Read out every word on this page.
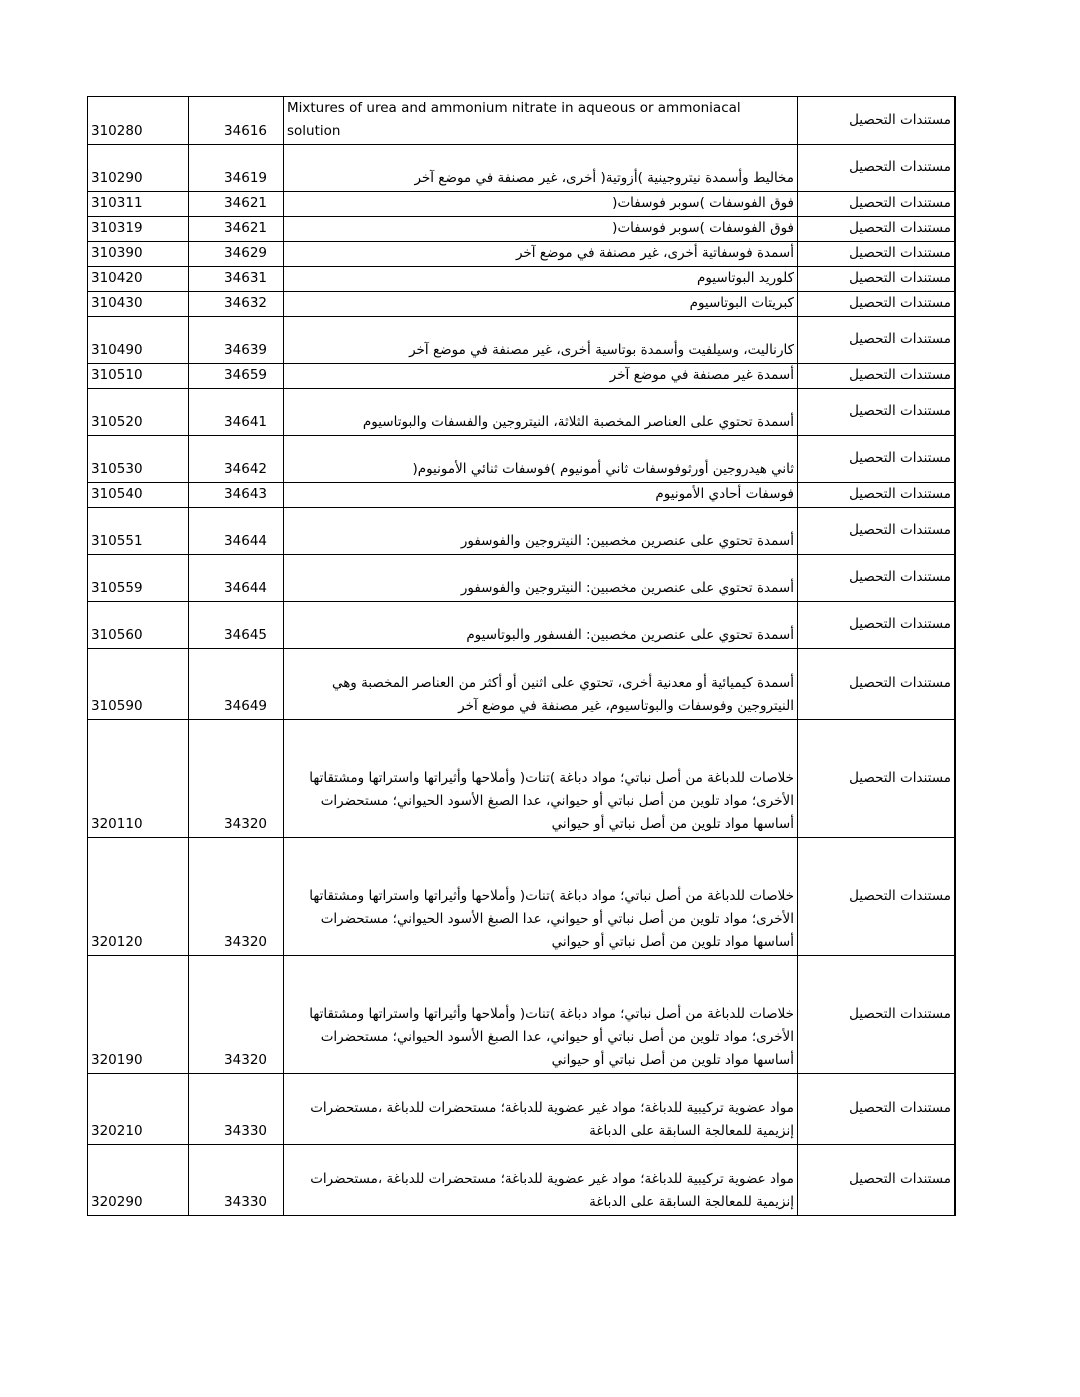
310280	34616	Mixtures of urea and ammonium nitrate in aqueous or ammoniacal solution	مستندات التحصيل
310290	34619	مخاليط وأسمدة نيتروجينية )أزوتية( أخرى، غير مصنفة في موضع آخر	مستندات التحصيل
310311	34621	فوق الفوسفات )سوبر فوسفات(	مستندات التحصيل
310319	34621	فوق الفوسفات )سوبر فوسفات(	مستندات التحصيل
310390	34629	أسمدة فوسفاتية أخرى، غير مصنفة في موضع آخر	مستندات التحصيل
310420	34631	كلوريد البوتاسيوم	مستندات التحصيل
310430	34632	كبريتات البوتاسيوم	مستندات التحصيل
310490	34639	كارناليت، وسيلفيت وأسمدة بوتاسية أخرى، غير مصنفة في موضع آخر	مستندات التحصيل
310510	34659	أسمدة غير مصنفة في موضع آخر	مستندات التحصيل
310520	34641	أسمدة تحتوي على العناصر المخصبة الثلاثة، النيتروجين والفسفات والبوتاسيوم	مستندات التحصيل
310530	34642	ثاني هيدروجين أورثوفوسفات ثاني أمونيوم )فوسفات ثنائي الأمونيوم(	مستندات التحصيل
310540	34643	فوسفات أحادي الأمونيوم	مستندات التحصيل
310551	34644	أسمدة تحتوي على عنصرين مخصبين: النيتروجين والفوسفور	مستندات التحصيل
310559	34644	أسمدة تحتوي على عنصرين مخصبين: النيتروجين والفوسفور	مستندات التحصيل
310560	34645	أسمدة تحتوي على عنصرين مخصبين: الفسفور والبوتاسيوم	مستندات التحصيل
310590	34649	أسمدة كيميائية أو معدنية أخرى، تحتوي على اثنين أو أكثر من العناصر المخصبة وهي النيتروجين وفوسفات والبوتاسيوم، غير مصنفة في موضع آخر	مستندات التحصيل
320110	34320	خلاصات للدباغة من أصل نباتي؛ مواد دباغة )تنات( وأملاحها وأثيراتها واستراتها ومشتقاتها الأخرى؛ مواد تلوين من أصل نباتي أو حيواني، عدا الصبغ الأسود الحيواني؛ مستحضرات أساسها مواد تلوين من أصل نباتي أو حيواني	مستندات التحصيل
320120	34320	خلاصات للدباغة من أصل نباتي؛ مواد دباغة )تنات( وأملاحها وأثيراتها واستراتها ومشتقاتها الأخرى؛ مواد تلوين من أصل نباتي أو حيواني، عدا الصبغ الأسود الحيواني؛ مستحضرات أساسها مواد تلوين من أصل نباتي أو حيواني	مستندات التحصيل
320190	34320	خلاصات للدباغة من أصل نباتي؛ مواد دباغة )تنات( وأملاحها وأثيراتها واستراتها ومشتقاتها الأخرى؛ مواد تلوين من أصل نباتي أو حيواني، عدا الصبغ الأسود الحيواني؛ مستحضرات أساسها مواد تلوين من أصل نباتي أو حيواني	مستندات التحصيل
320210	34330	مواد عضوية تركيبية للدباغة؛ مواد غير عضوية للدباغة؛ مستحضرات للدباغة ،مستحضرات إنزيمية للمعالجة السابقة على الدباغة	مستندات التحصيل
320290	34330	مواد عضوية تركيبية للدباغة؛ مواد غير عضوية للدباغة؛ مستحضرات للدباغة ،مستحضرات إنزيمية للمعالجة السابقة على الدباغة	مستندات التحصيل
